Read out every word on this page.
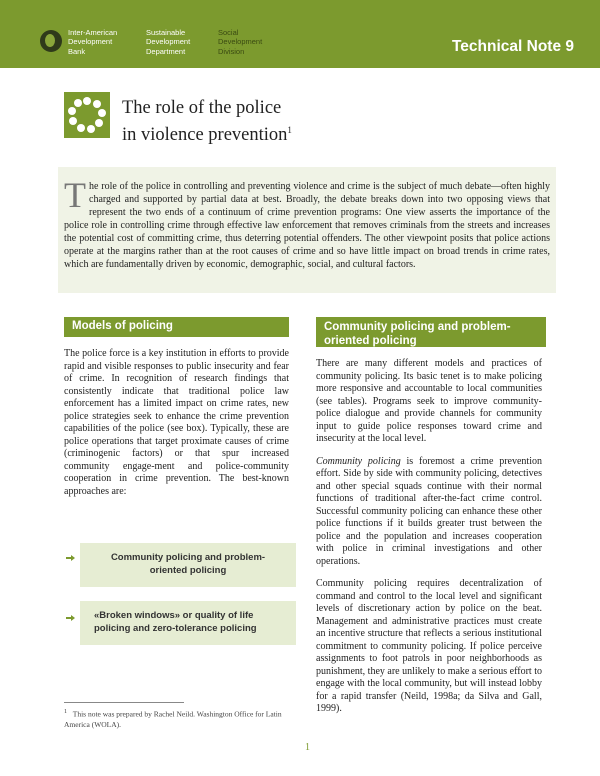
Inter-American
Development
Bank
Sustainable
Development
Department
Social
Development
Division	Technical Note 9
The role of the police
in violence prevention$^1$
The role of the police in controlling and preventing violence and crime is the subject of much debate—often highly charged and supported by partial data at best. Broadly, the debate breaks down into two opposing views that represent the two ends of a continuum of crime prevention programs: One view asserts the importance of the police role in controlling crime through effective law enforcement that removes criminals from the streets and increases the potential cost of committing crime, thus deterring potential offenders. The other viewpoint posits that police actions operate at the margins rather than at the root causes of crime and so have little impact on broad trends in crime rates, which are fundamentally driven by economic, demographic, social, and cultural factors.
Models of policing
The police force is a key institution in efforts to provide rapid and visible responses to public insecurity and fear of crime. In recognition of research findings that consistently indicate that traditional police law enforcement has a limited impact on crime rates, new police strategies seek to enhance the crime prevention capabilities of the police (see box). Typically, these are police operations that target proximate causes of crime (criminogenic factors) or that spur increased community engage-ment and police-community cooperation in crime prevention. The best-known approaches are:
Community policing and problem-oriented policing
«Broken windows» or quality of life policing and zero-tolerance policing
Community policing and problem-oriented policing

There are many different models and practices of community policing. Its basic tenet is to make policing more responsive and accountable to local communities (see tables). Programs seek to improve community-police dialogue and provide channels for community input to guide police responses toward crime and insecurity at the local level.

Community policing is foremost a crime prevention effort. Side by side with community policing, detectives and other special squads continue with their normal functions of traditional after-the-fact crime control. Successful community policing can enhance these other police functions if it builds greater trust between the police and the population and increases cooperation with police in criminal investigations and other operations.

Community policing requires decentralization of command and control to the local level and significant levels of discretionary action by police on the beat. Management and administrative practices must create an incentive structure that reflects a serious institutional commitment to community policing. If police perceive assignments to foot patrols in poor neighborhoods as punishment, they are unlikely to make a serious effort to engage with the local community, but will instead lobby for a rapid transfer (Neild, 1998a; da Silva and Gall, 1999).

$^1$ This note was prepared by Rachel Neild. Washington Office for Latin America (WOLA).
1
